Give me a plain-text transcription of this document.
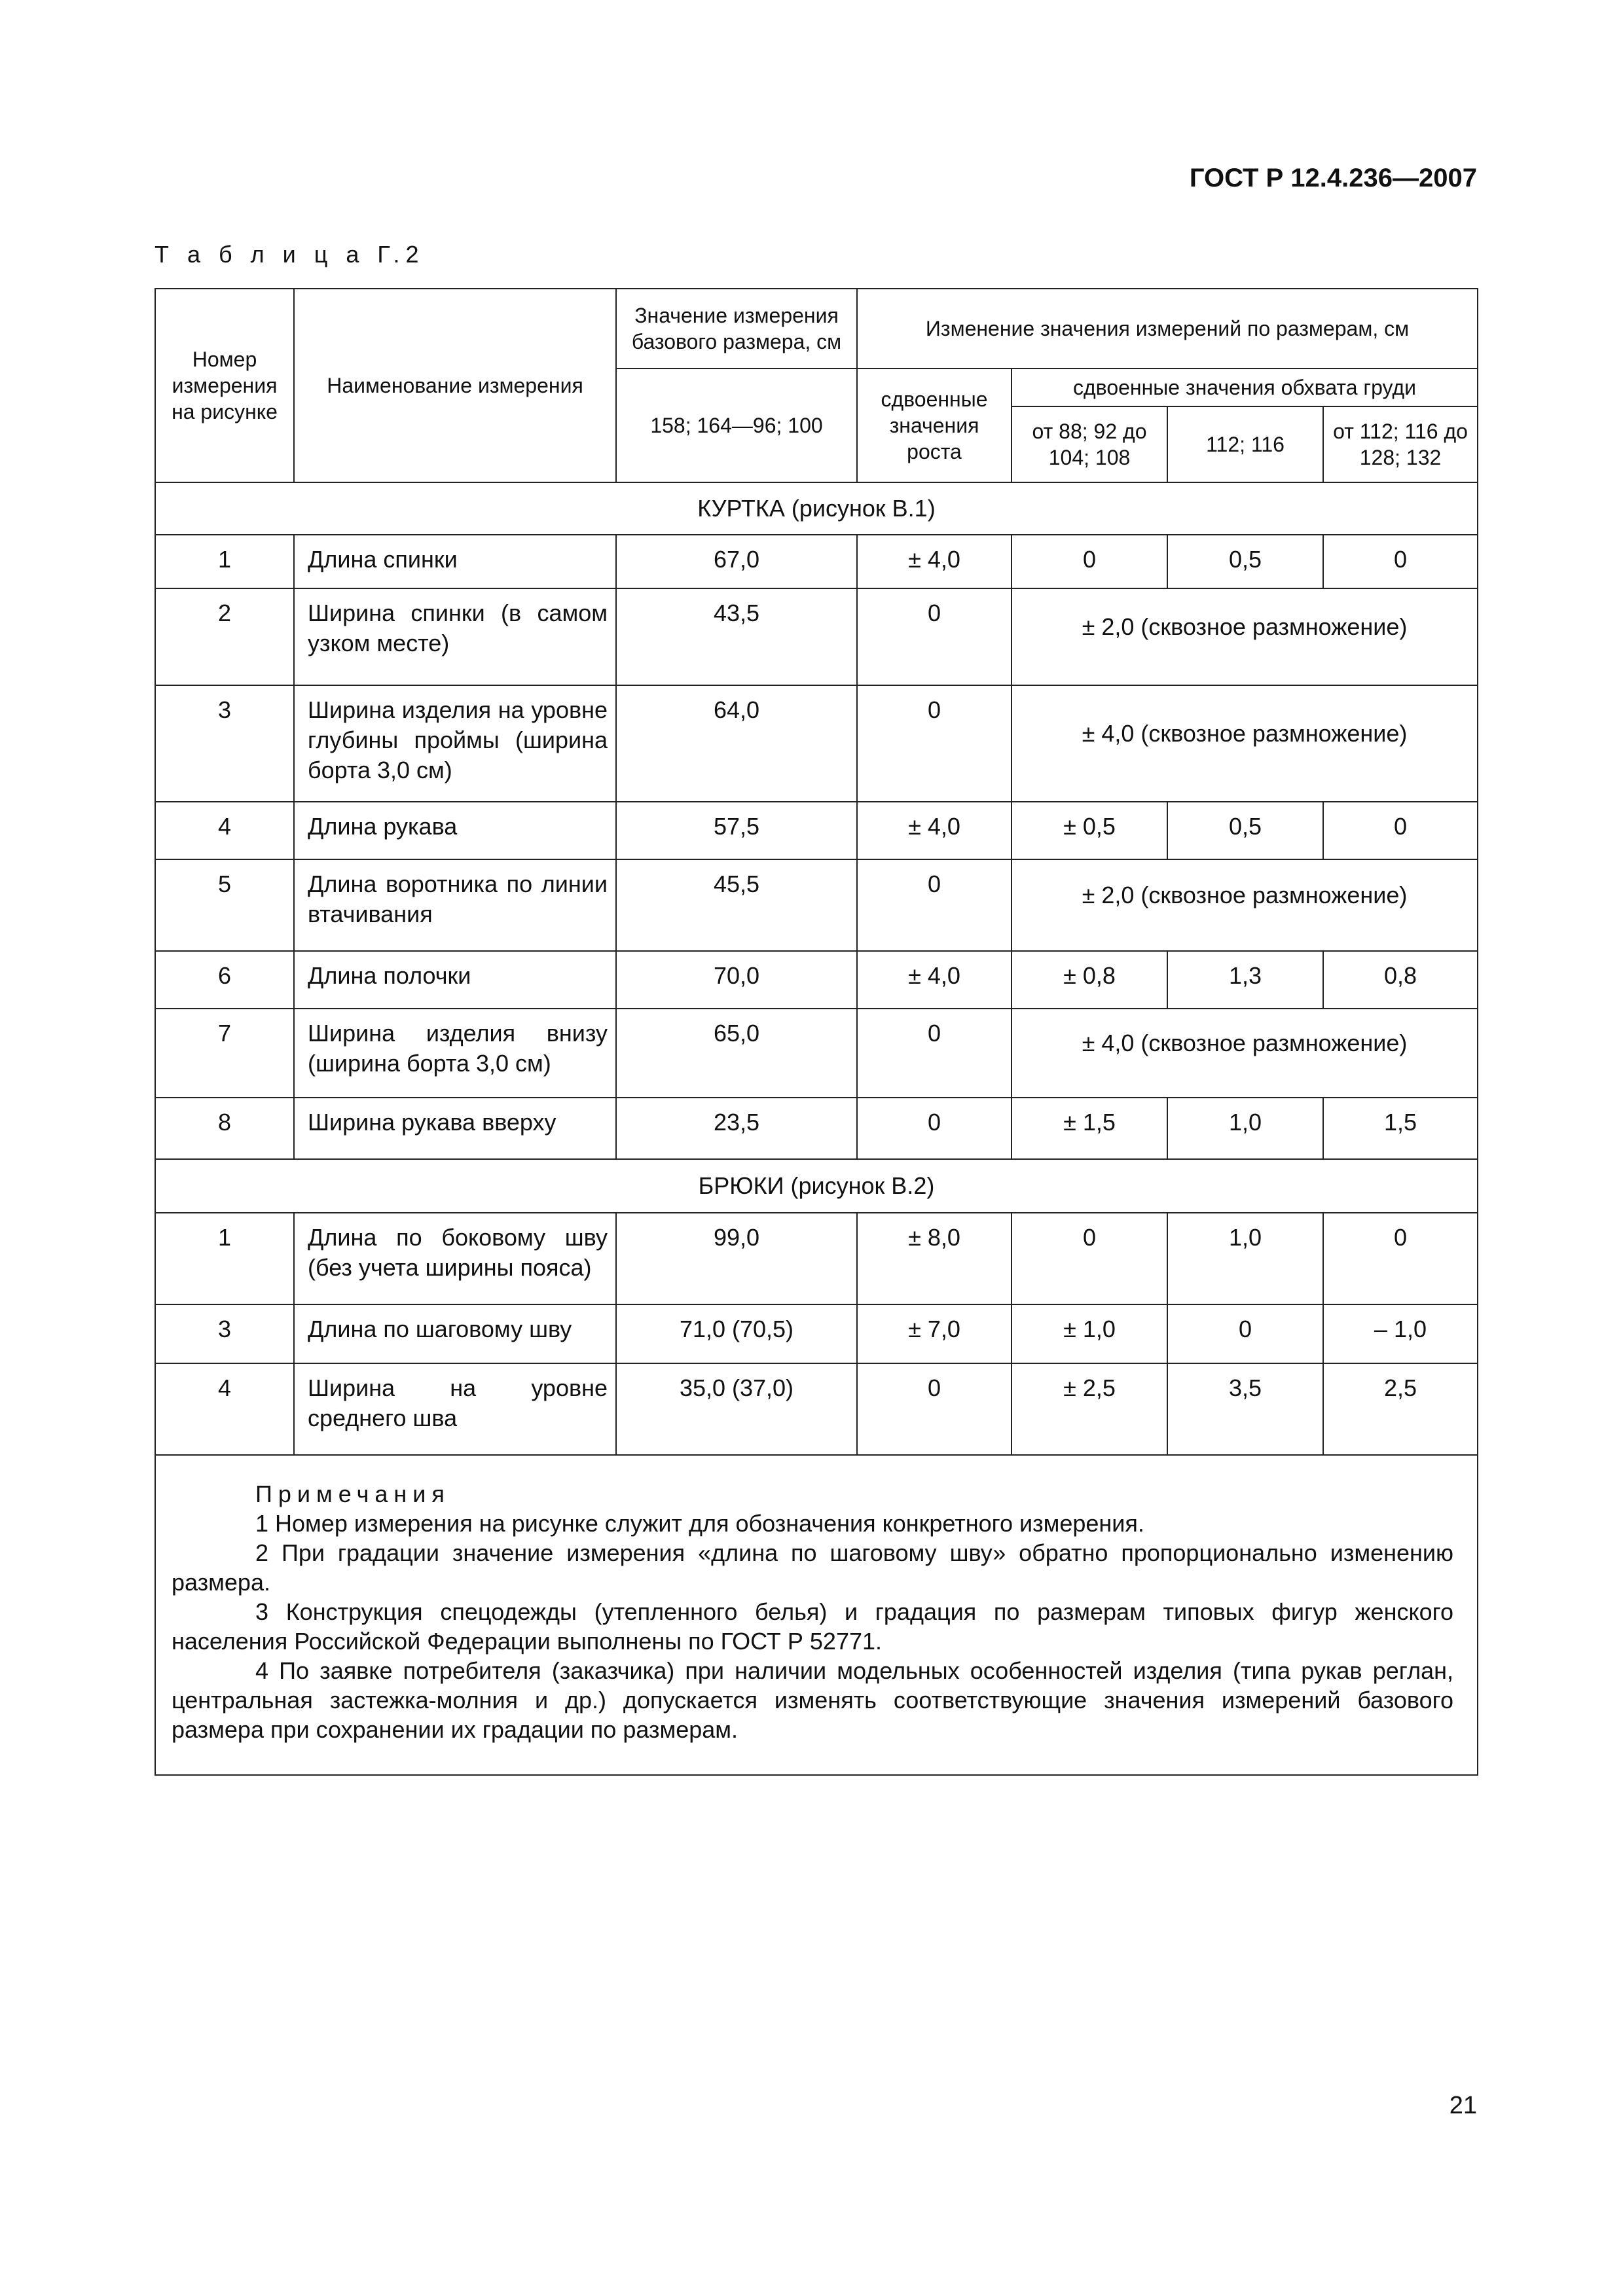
ГОСТ Р 12.4.236—2007
Т а б л и ц а Г.2
Номер измерения на рисунке	Наименование измерения	Значение измерения базового размера, см	Изменение значения измерений по размерам, см			
		158; 164—96; 100	сдвоенные значения роста	сдвоенные значения обхвата груди		
				от 88; 92 до 104; 108	112; 116	от 112; 116 до 128; 132
КУРТКА (рисунок В.1)						
1	Длина спинки	67,0	± 4,0	0	0,5	0
2	Ширина спинки (в самом узком месте)	43,5	0	± 2,0 (сквозное размножение)		
3	Ширина изделия на уровне глубины проймы (ширина борта 3,0 см)	64,0	0	± 4,0 (сквозное размножение)		
4	Длина рукава	57,5	± 4,0	± 0,5	0,5	0
5	Длина воротника по линии втачивания	45,5	0	± 2,0 (сквозное размножение)		
6	Длина полочки	70,0	± 4,0	± 0,8	1,3	0,8
7	Ширина изделия внизу (ширина борта 3,0 см)	65,0	0	± 4,0 (сквозное размножение)		
8	Ширина рукава вверху	23,5	0	± 1,5	1,0	1,5
БРЮКИ (рисунок В.2)						
1	Длина по боковому шву (без учета ширины пояса)	99,0	± 8,0	0	1,0	0
3	Длина по шаговому шву	71,0 (70,5)	± 7,0	± 1,0	0	– 1,0
4	Ширина на уровне среднего шва	35,0 (37,0)	0	± 2,5	3,5	2,5

Примечания
1 Номер измерения на рисунке служит для обозначения конкретного измерения.
2 При градации значение измерения «длина по шаговому шву» обратно пропорционально изменению размера.
3 Конструкция спецодежды (утепленного белья) и градация по размерам типовых фигур женского населения Российской Федерации выполнены по ГОСТ Р 52771.
4 По заявке потребителя (заказчика) при наличии модельных особенностей изделия (типа рукав реглан, центральная застежка-молния и др.) допускается изменять соответствующие значения измерений базового размера при сохранении их градации по размерам.						
21
